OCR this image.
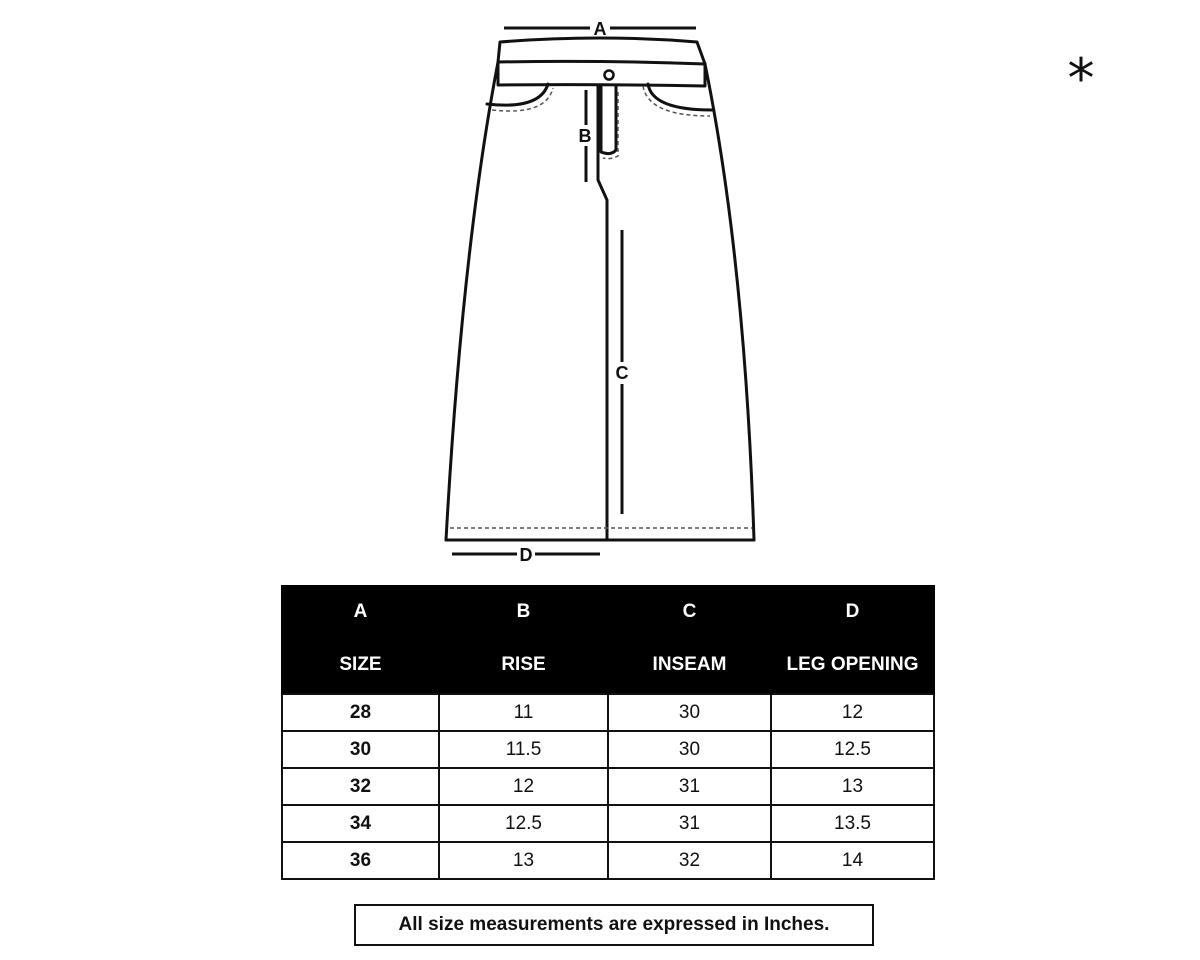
A
B
C
D
*
A	B	C	D
SIZE	RISE	INSEAM	LEG OPENING
28	11	30	12
30	11.5	30	12.5
32	12	31	13
34	12.5	31	13.5
36	13	32	14
All size measurements are expressed in Inches.
